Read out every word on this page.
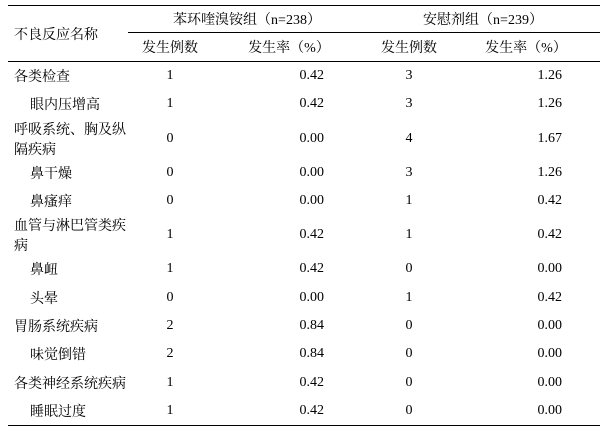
不良反应名称	苯环喹溴铵组（n=238）		安慰剂组（n=239）	
	发生例数	发生率（%）	发生例数	发生率（%）
各类检查	1	0.42	3	1.26
眼内压增高	1	0.42	3	1.26
呼吸系统、胸及纵隔疾病	0	0.00	4	1.67
鼻干燥	0	0.00	3	1.26
鼻瘙痒	0	0.00	1	0.42
血管与淋巴管类疾病	1	0.42	1	0.42
鼻衄	1	0.42	0	0.00
头晕	0	0.00	1	0.42
胃肠系统疾病	2	0.84	0	0.00
味觉倒错	2	0.84	0	0.00
各类神经系统疾病	1	0.42	0	0.00
睡眠过度	1	0.42	0	0.00
